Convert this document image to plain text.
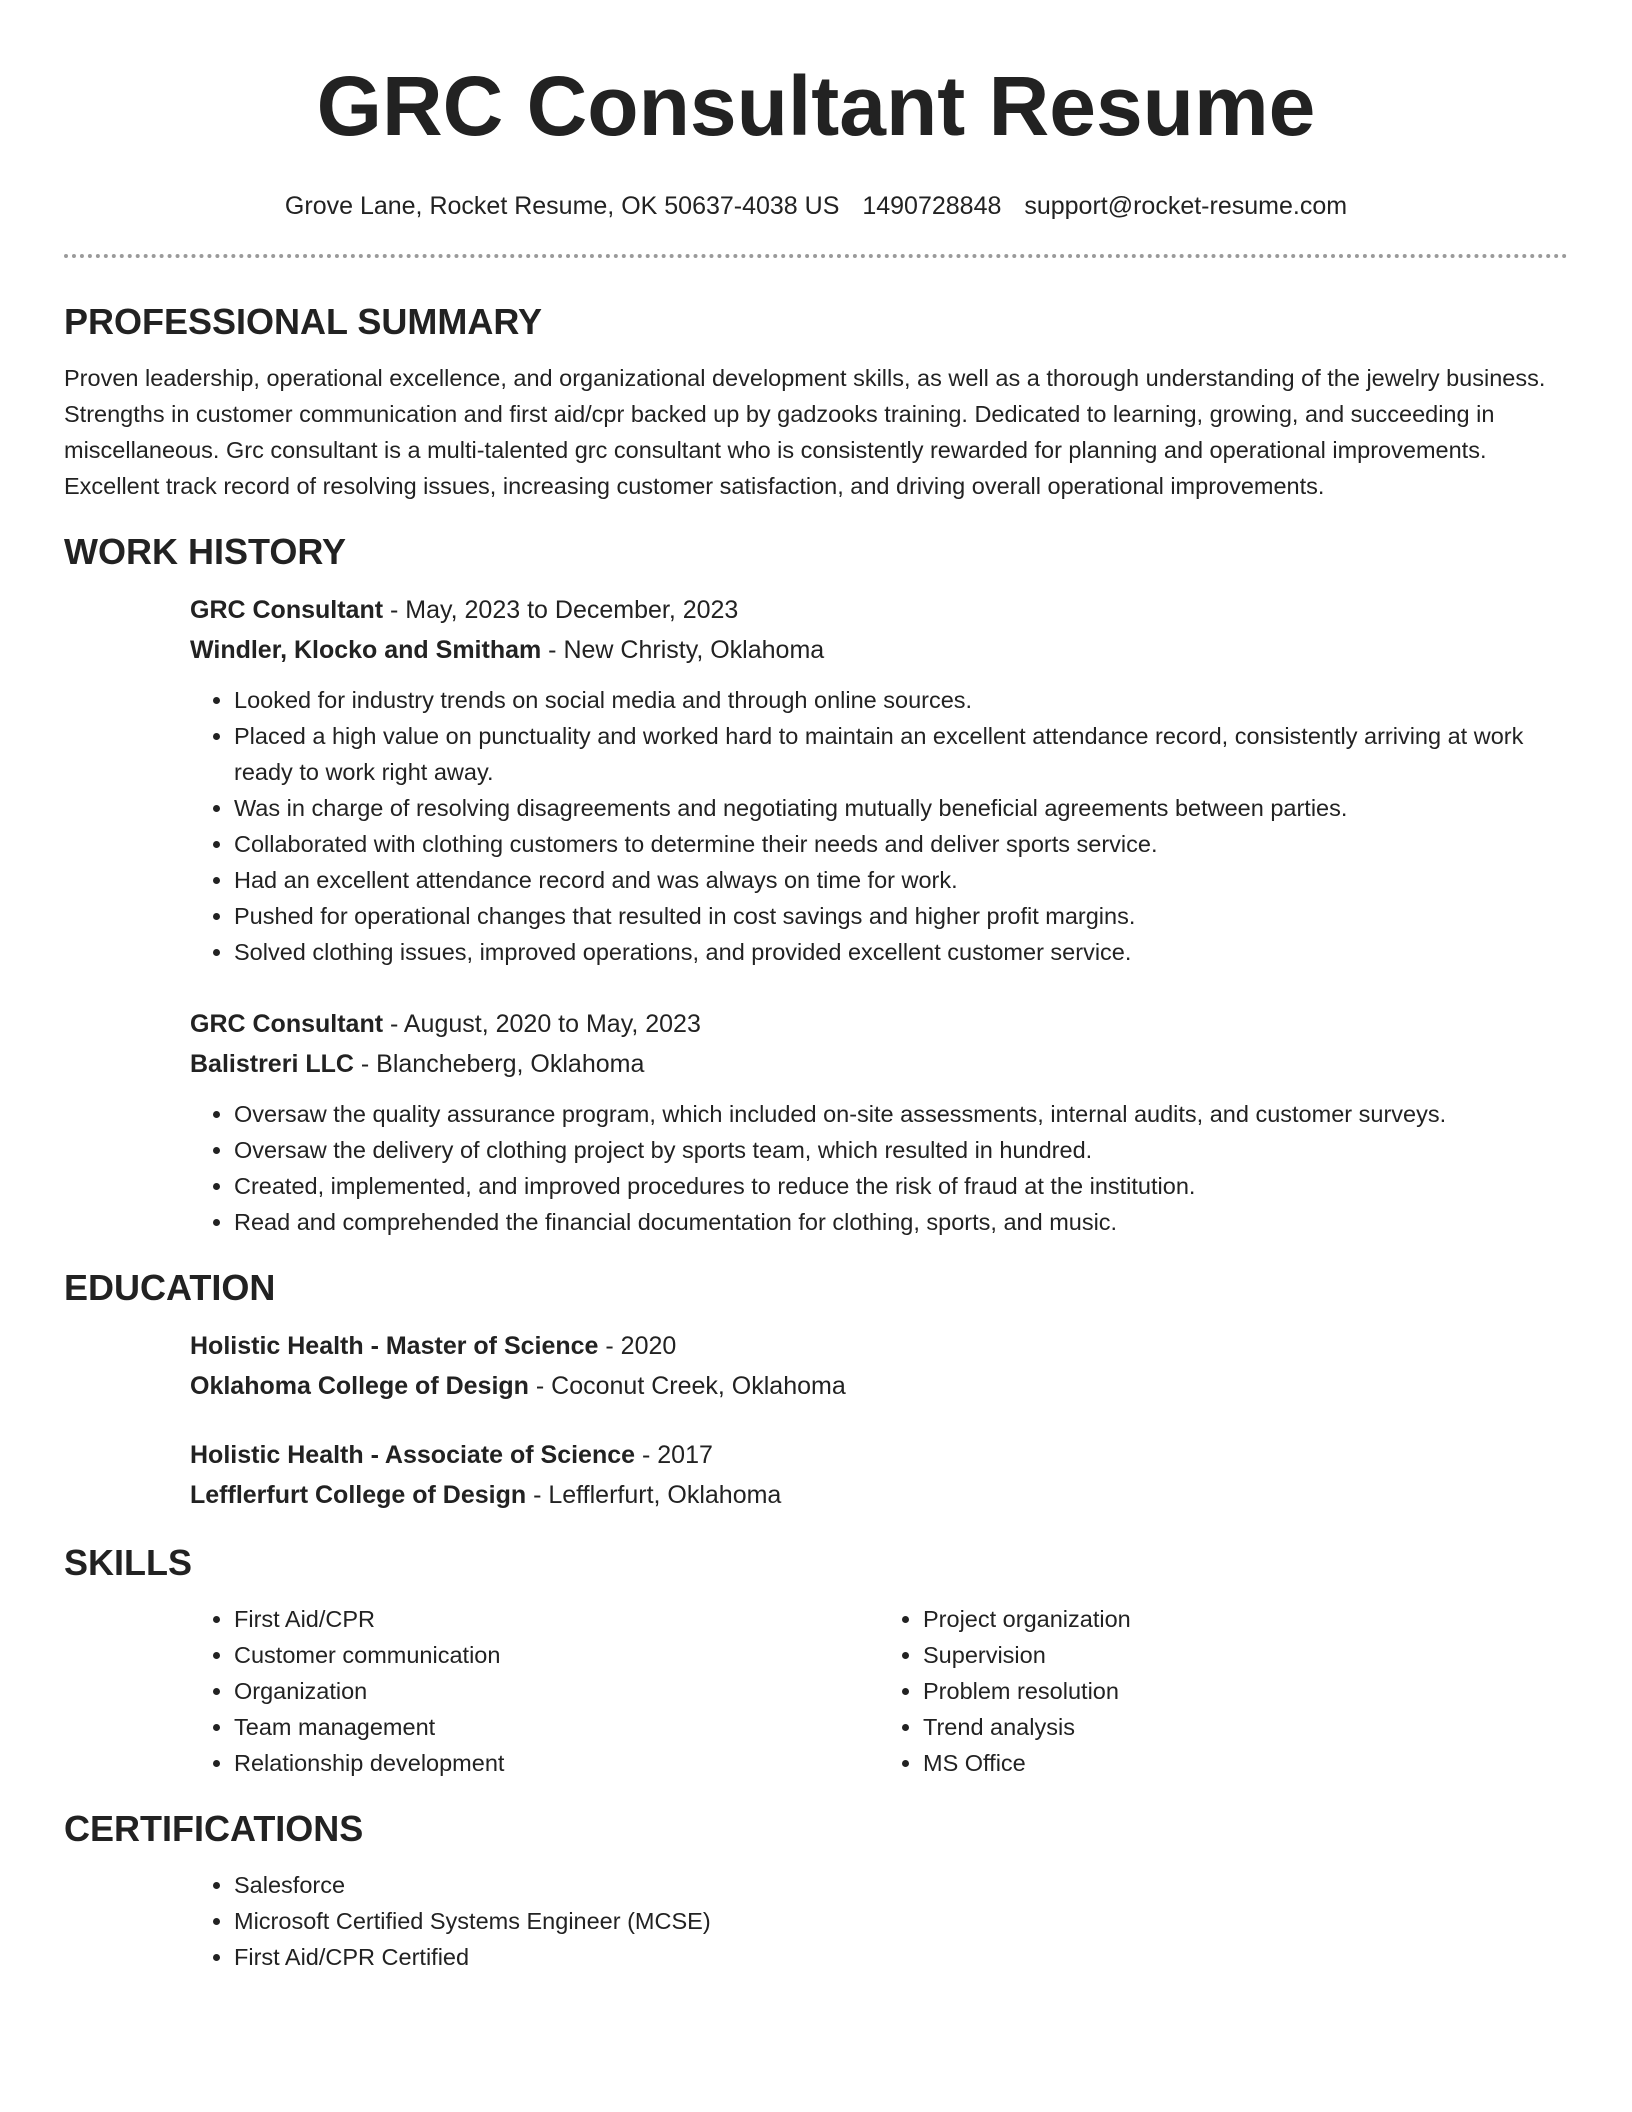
GRC Consultant Resume
Grove Lane, Rocket Resume, OK 50637-4038 US 1490728848 support@rocket-resume.com
PROFESSIONAL SUMMARY

Proven leadership, operational excellence, and organizational development skills, as well as a thorough understanding of the jewelry business. Strengths in customer communication and first aid/cpr backed up by gadzooks training. Dedicated to learning, growing, and succeeding in miscellaneous. Grc consultant is a multi-talented grc consultant who is consistently rewarded for planning and operational improvements. Excellent track record of resolving issues, increasing customer satisfaction, and driving overall operational improvements.

WORK HISTORY

GRC Consultant - May, 2023 to December, 2023

Windler, Klocko and Smitham - New Christy, Oklahoma

• Looked for industry trends on social media and through online sources.
• Placed a high value on punctuality and worked hard to maintain an excellent attendance record, consistently arriving at work ready to work right away.
• Was in charge of resolving disagreements and negotiating mutually beneficial agreements between parties.
• Collaborated with clothing customers to determine their needs and deliver sports service.
• Had an excellent attendance record and was always on time for work.
• Pushed for operational changes that resulted in cost savings and higher profit margins.
• Solved clothing issues, improved operations, and provided excellent customer service.

GRC Consultant - August, 2020 to May, 2023

Balistreri LLC - Blancheberg, Oklahoma

• Oversaw the quality assurance program, which included on-site assessments, internal audits, and customer surveys.
• Oversaw the delivery of clothing project by sports team, which resulted in hundred.
• Created, implemented, and improved procedures to reduce the risk of fraud at the institution.
• Read and comprehended the financial documentation for clothing, sports, and music.
EDUCATION

Holistic Health - Master of Science - 2020

Oklahoma College of Design - Coconut Creek, Oklahoma

Holistic Health - Associate of Science - 2017

Lefflerfurt College of Design - Lefflerfurt, Oklahoma

SKILLS
• First Aid/CPR
• Customer communication
• Organization
• Team management
• Relationship development
• Project organization
• Supervision
• Problem resolution
• Trend analysis
• MS Office
CERTIFICATIONS
• Salesforce
• Microsoft Certified Systems Engineer (MCSE)
• First Aid/CPR Certified
